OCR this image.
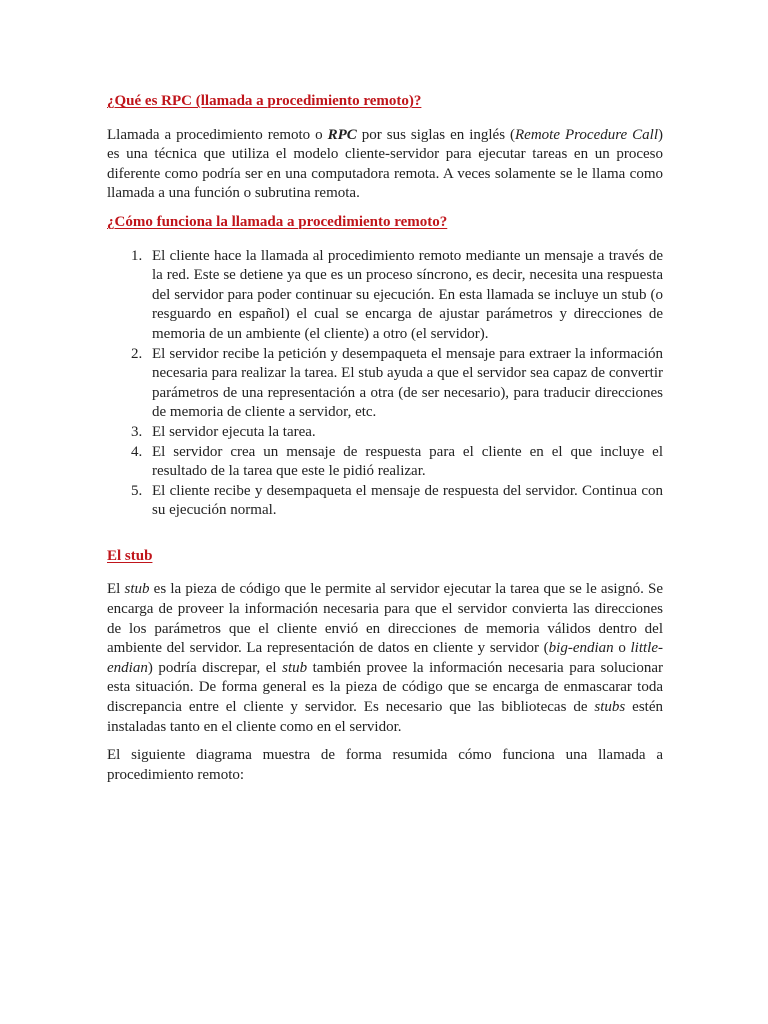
¿Qué es RPC (llamada a procedimiento remoto)?

Llamada a procedimiento remoto o RPC por sus siglas en inglés (Remote Procedure Call) es una técnica que utiliza el modelo cliente-servidor para ejecutar tareas en un proceso diferente como podría ser en una computadora remota. A veces solamente se le llama como llamada a una función o subrutina remota.

¿Cómo funciona la llamada a procedimiento remoto?

1. El cliente hace la llamada al procedimiento remoto mediante un mensaje a través de la red. Este se detiene ya que es un proceso síncrono, es decir, necesita una respuesta del servidor para poder continuar su ejecución. En esta llamada se incluye un stub (o resguardo en español) el cual se encarga de ajustar parámetros y direcciones de memoria de un ambiente (el cliente) a otro (el servidor).
2. El servidor recibe la petición y desempaqueta el mensaje para extraer la información necesaria para realizar la tarea. El stub ayuda a que el servidor sea capaz de convertir parámetros de una representación a otra (de ser necesario), para traducir direcciones de memoria de cliente a servidor, etc.
3. El servidor ejecuta la tarea.
4. El servidor crea un mensaje de respuesta para el cliente en el que incluye el resultado de la tarea que este le pidió realizar.
5. El cliente recibe y desempaqueta el mensaje de respuesta del servidor. Continua con su ejecución normal.

El stub

El stub es la pieza de código que le permite al servidor ejecutar la tarea que se le asignó. Se encarga de proveer la información necesaria para que el servidor convierta las direcciones de los parámetros que el cliente envió en direcciones de memoria válidos dentro del ambiente del servidor. La representación de datos en cliente y servidor (big-endian o little-endian) podría discrepar, el stub también provee la información necesaria para solucionar esta situación. De forma general es la pieza de código que se encarga de enmascarar toda discrepancia entre el cliente y servidor. Es necesario que las bibliotecas de stubs estén instaladas tanto en el cliente como en el servidor.

El siguiente diagrama muestra de forma resumida cómo funciona una llamada a procedimiento remoto:
